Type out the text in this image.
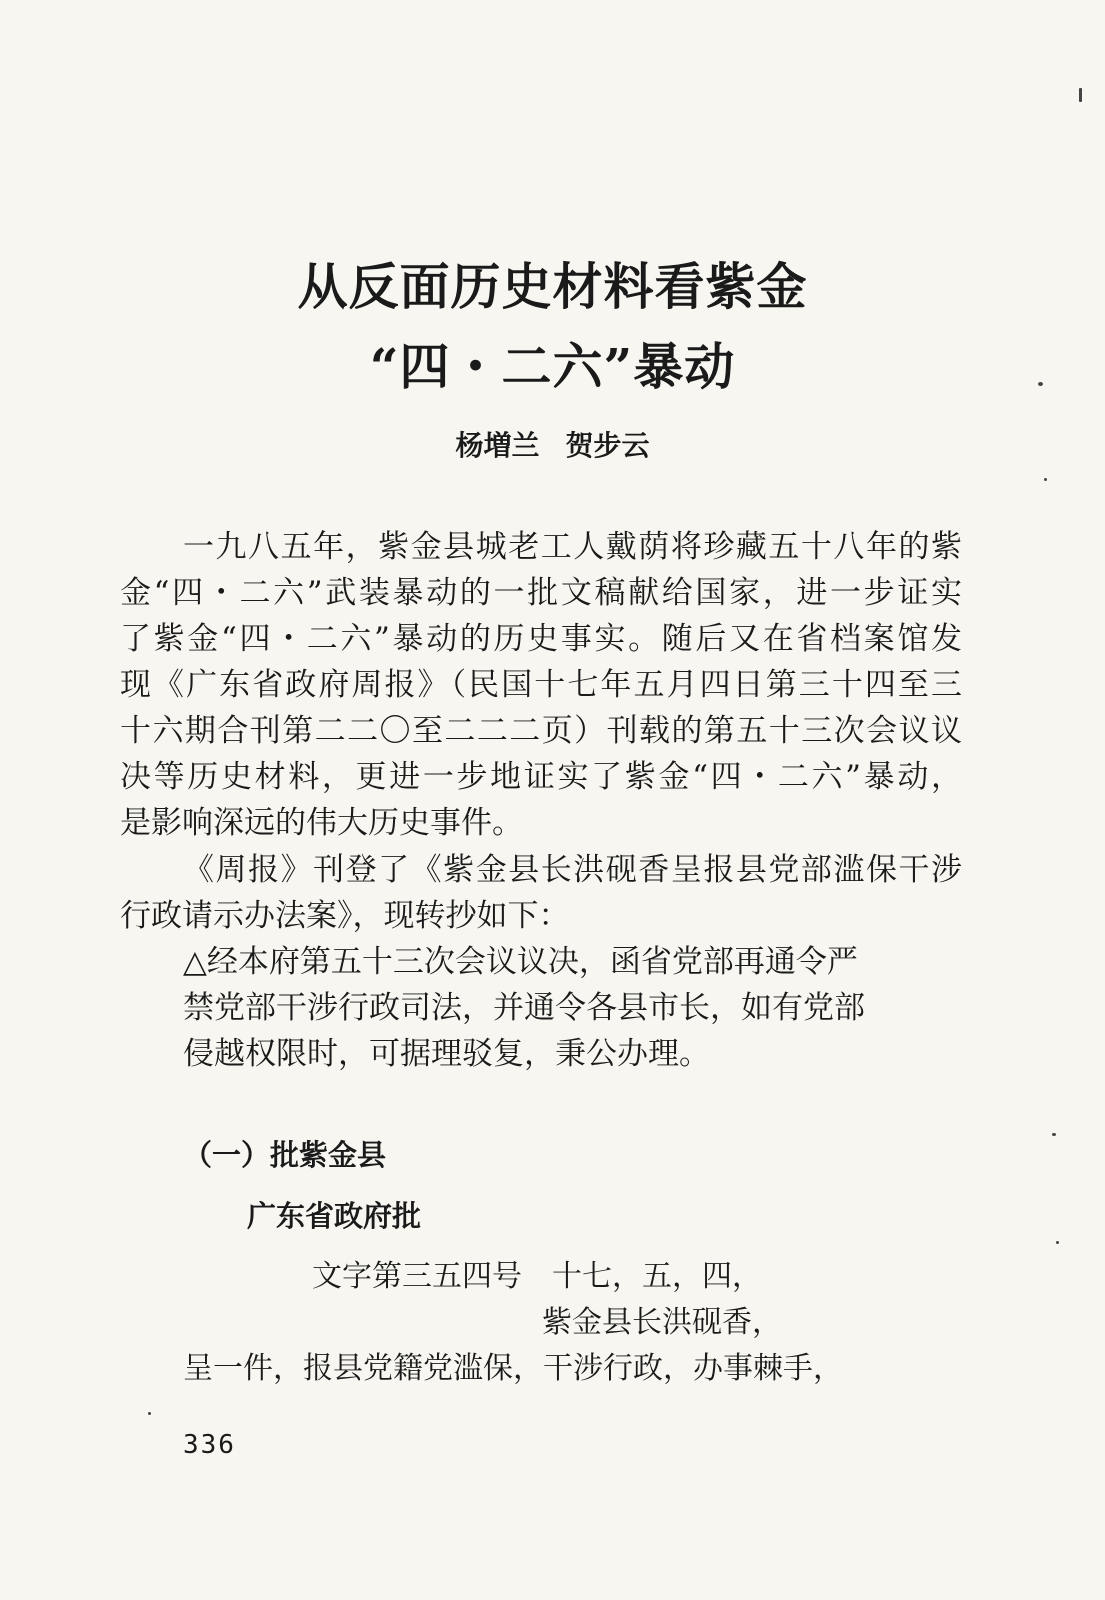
从反面历史材料看紫金
“四・二六”暴动
杨増兰 贺步云
一九八五年，紫金县城老工人戴荫将珍藏五十八年的紫
金“四・二六”武装暴动的一批文稿献给国家，进一步证实
了紫金“四・二六”暴动的历史事实。随后又在省档案馆发
现《广东省政府周报》（民国十七年五月四日第三十四至三
十六期合刊第二二〇至二二二页）刊载的第五十三次会议议
决等历史材料，更进一步地证实了紫金“四・二六”暴动，
是影响深远的伟大历史事件。
《周报》刊登了《紫金县长洪砚香呈报县党部滥保干涉
行政请示办法案》，现转抄如下：
△经本府第五十三次会议议决，函省党部再通令严
禁党部干涉行政司法，并通令各县市长，如有党部
侵越权限时，可据理驳复，秉公办理。
（一）批紫金县
广东省政府批
文字第三五四号　十七，五，四，
紫金县长洪砚香，
呈一件，报县党籍党滥保，干涉行政，办事棘手，
336
